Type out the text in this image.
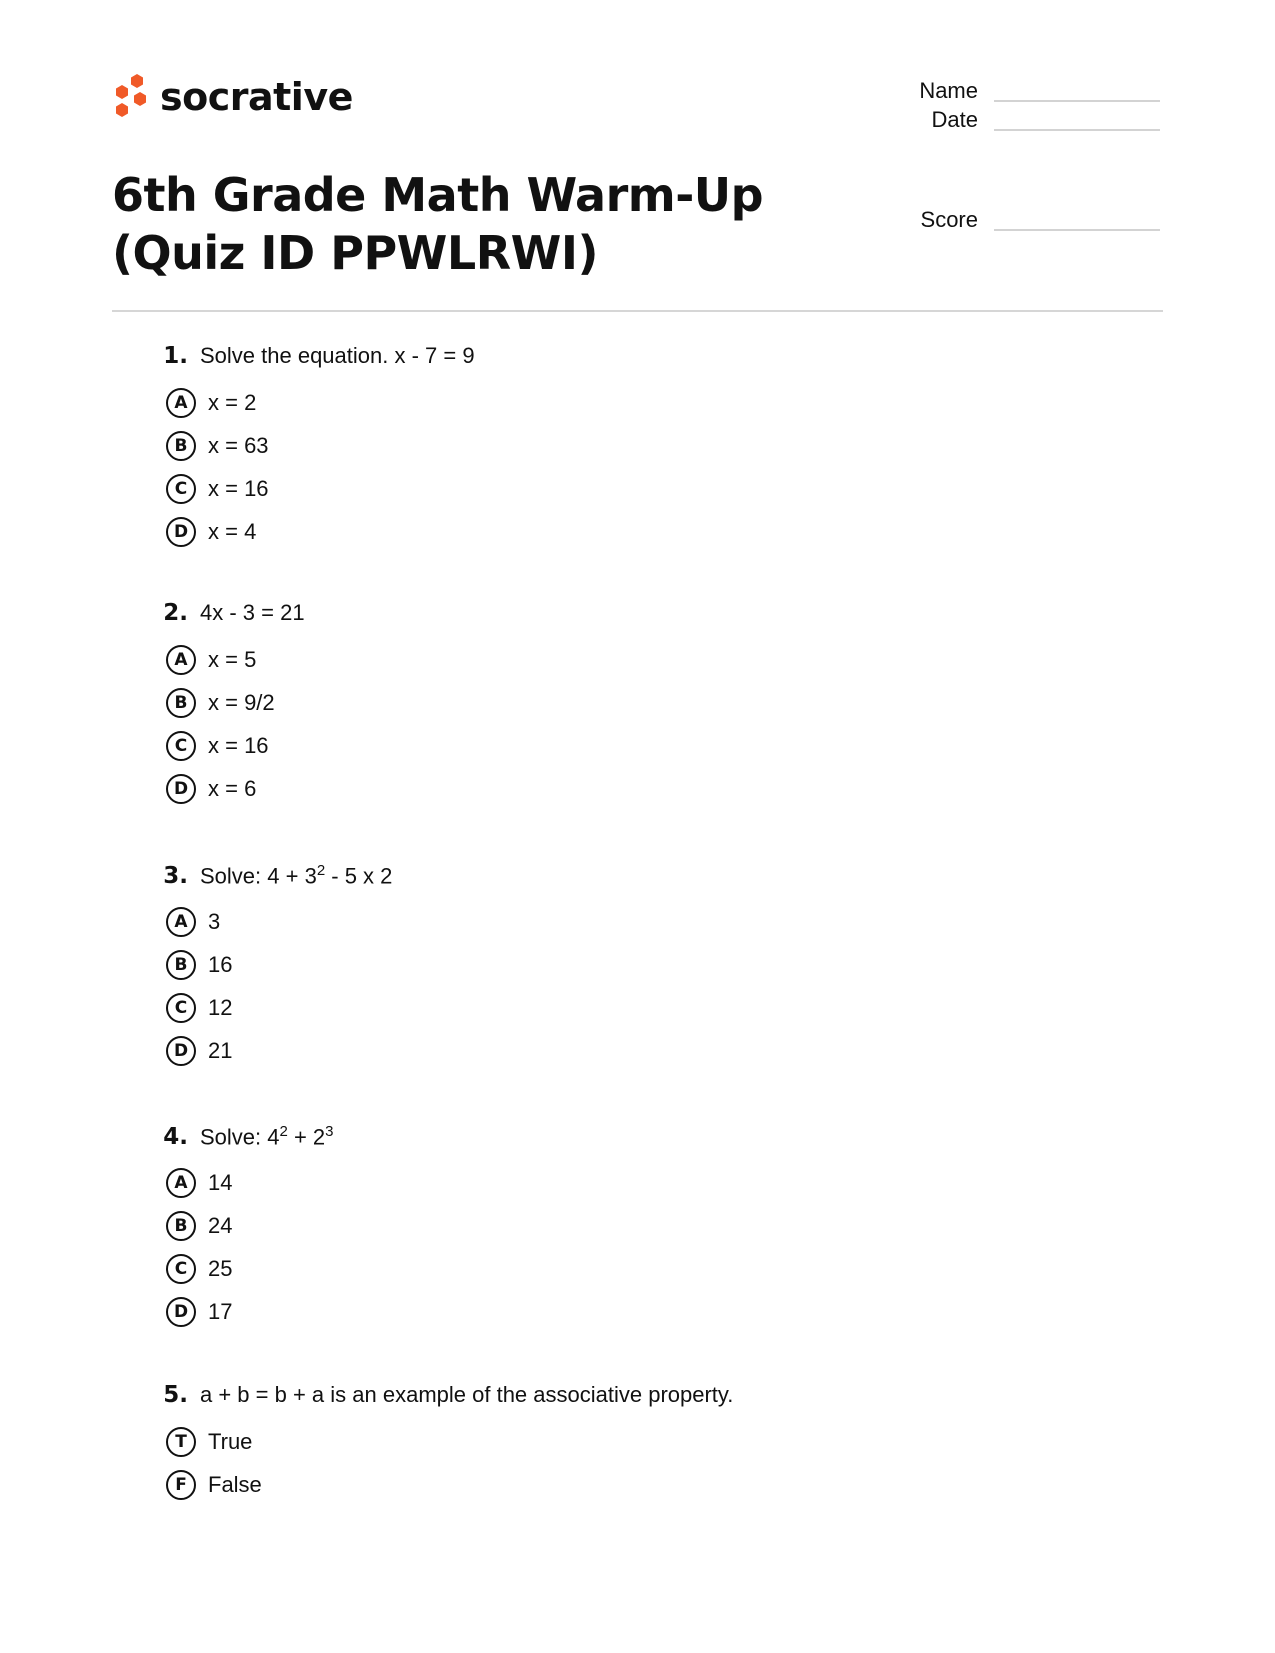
socrative
6th Grade Math Warm-Up (Quiz ID PPWLRWI)
Name
Date
Score
1. Solve the equation. x - 7 = 9
A x = 2
B x = 63
C x = 16
D x = 4
2. 4x - 3 = 21
A x = 5
B x = 9/2
C x = 16
D x = 6
3. Solve: $4 + 3^2 - 5$ x 2
A 3
B 16
C 12
D 21
4. Solve: $4^2 + 2^3$
A 14
B 24
C 25
D 17
5. a + b = b + a is an example of the associative property.
T True
F False
